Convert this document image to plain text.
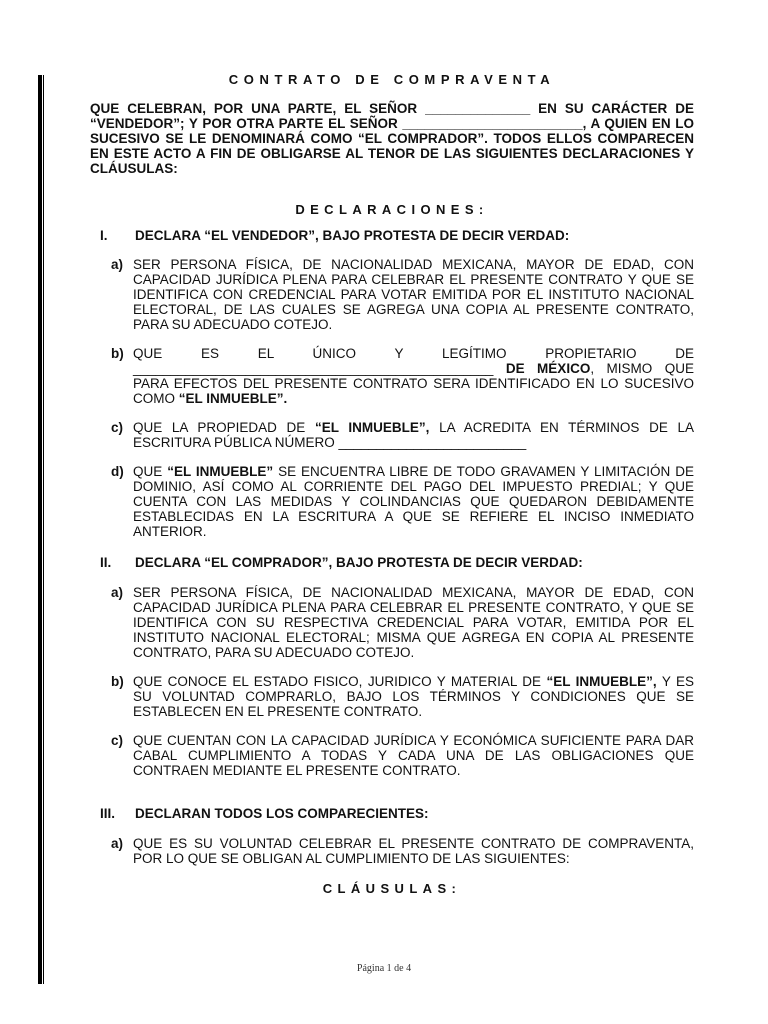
CONTRATO DE COMPRAVENTA
QUE CELEBRAN, POR UNA PARTE, EL SEÑOR ______________ EN SU CARÁCTER DE “VENDEDOR”; Y POR OTRA PARTE EL SEÑOR ________________________, A QUIEN EN LO SUCESIVO SE LE DENOMINARÁ COMO “EL COMPRADOR”. TODOS ELLOS COMPARECEN EN ESTE ACTO A FIN DE OBLIGARSE AL TENOR DE LAS SIGUIENTES DECLARACIONES Y CLÁUSULAS:
DECLARACIONES:
I. DECLARA “EL VENDEDOR”, BAJO PROTESTA DE DECIR VERDAD:
a) SER PERSONA FÍSICA, DE NACIONALIDAD MEXICANA, MAYOR DE EDAD, CON CAPACIDAD JURÍDICA PLENA PARA CELEBRAR EL PRESENTE CONTRATO Y QUE SE IDENTIFICA CON CREDENCIAL PARA VOTAR EMITIDA POR EL INSTITUTO NACIONAL ELECTORAL, DE LAS CUALES SE AGREGA UNA COPIA AL PRESENTE CONTRATO, PARA SU ADECUADO COTEJO.
b) QUE ES EL ÚNICO Y LEGÍTIMO PROPIETARIO DE ________________________________________________ DE MÉXICO, MISMO QUE PARA EFECTOS DEL PRESENTE CONTRATO SERA IDENTIFICADO EN LO SUCESIVO COMO “EL INMUEBLE”.
c) QUE LA PROPIEDAD DE “EL INMUEBLE”, LA ACREDITA EN TÉRMINOS DE LA ESCRITURA PÚBLICA NÚMERO _________________________
d) QUE “EL INMUEBLE” SE ENCUENTRA LIBRE DE TODO GRAVAMEN Y LIMITACIÓN DE DOMINIO, ASÍ COMO AL CORRIENTE DEL PAGO DEL IMPUESTO PREDIAL; Y QUE CUENTA CON LAS MEDIDAS Y COLINDANCIAS QUE QUEDARON DEBIDAMENTE ESTABLECIDAS EN LA ESCRITURA A QUE SE REFIERE EL INCISO INMEDIATO ANTERIOR.
II. DECLARA “EL COMPRADOR”, BAJO PROTESTA DE DECIR VERDAD:
a) SER PERSONA FÍSICA, DE NACIONALIDAD MEXICANA, MAYOR DE EDAD, CON CAPACIDAD JURÍDICA PLENA PARA CELEBRAR EL PRESENTE CONTRATO, Y QUE SE IDENTIFICA CON SU RESPECTIVA CREDENCIAL PARA VOTAR, EMITIDA POR EL INSTITUTO NACIONAL ELECTORAL; MISMA QUE AGREGA EN COPIA AL PRESENTE CONTRATO, PARA SU ADECUADO COTEJO.
b) QUE CONOCE EL ESTADO FISICO, JURIDICO Y MATERIAL DE “EL INMUEBLE”, Y ES SU VOLUNTAD COMPRARLO, BAJO LOS TÉRMINOS Y CONDICIONES QUE SE ESTABLECEN EN EL PRESENTE CONTRATO.
c) QUE CUENTAN CON LA CAPACIDAD JURÍDICA Y ECONÓMICA SUFICIENTE PARA DAR CABAL CUMPLIMIENTO A TODAS Y CADA UNA DE LAS OBLIGACIONES QUE CONTRAEN MEDIANTE EL PRESENTE CONTRATO.
III. DECLARAN TODOS LOS COMPARECIENTES:
a) QUE ES SU VOLUNTAD CELEBRAR EL PRESENTE CONTRATO DE COMPRAVENTA, POR LO QUE SE OBLIGAN AL CUMPLIMIENTO DE LAS SIGUIENTES:
CLÁUSULAS:
Página 1 de 4
